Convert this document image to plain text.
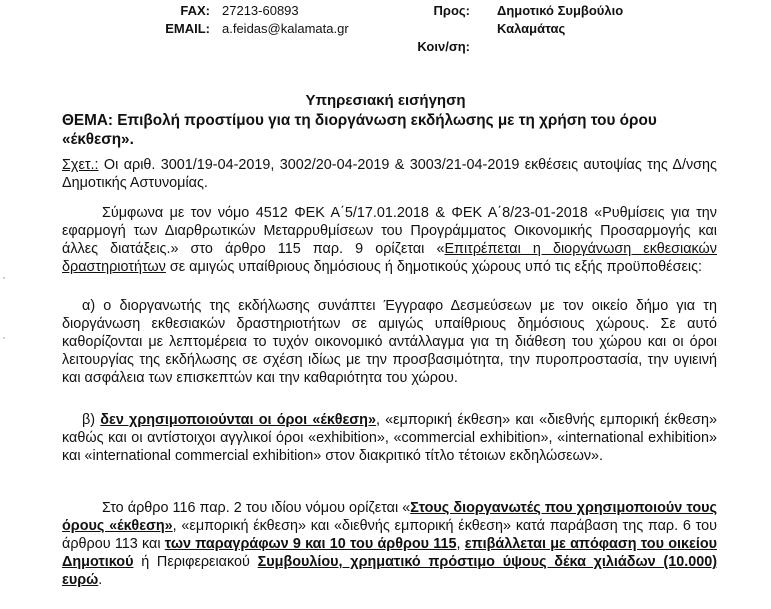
FAX: 27213-60893
EMAIL: a.feidas@kalamata.gr
Προς: Δημοτικό Συμβούλιο
Καλαμάτας
Κοιν/ση:
·
·
Υπηρεσιακή εισήγηση
ΘΕΜΑ: Επιβολή προστίμου για τη διοργάνωση εκδήλωσης με τη χρήση του όρου
«έκθεση».
Σχετ.: Οι αριθ. 3001/19-04-2019, 3002/20-04-2019 & 3003/21-04-2019 εκθέσεις αυτοψίας της Δ/νσης Δημοτικής Αστυνομίας.
Σύμφωνα με τον νόμο 4512 ΦΕΚ Α΄5/17.01.2018 & ΦΕΚ Α΄8/23-01-2018 «Ρυθμίσεις για την εφαρμογή των Διαρθρωτικών Μεταρρυθμίσεων του Προγράμματος Οικονομικής Προσαρμογής και άλλες διατάξεις.» στο άρθρο 115 παρ. 9 ορίζεται «Επιτρέπεται η διοργάνωση εκθεσιακών δραστηριοτήτων σε αμιγώς υπαίθριους δημόσιους ή δημοτικούς χώρους υπό τις εξής προϋποθέσεις:
α) ο διοργανωτής της εκδήλωσης συνάπτει Έγγραφο Δεσμεύσεων με τον οικείο δήμο για τη διοργάνωση εκθεσιακών δραστηριοτήτων σε αμιγώς υπαίθριους δημόσιους χώρους. Σε αυτό καθορίζονται με λεπτομέρεια το τυχόν οικονομικό αντάλλαγμα για τη διάθεση του χώρου και οι όροι λειτουργίας της εκδήλωσης σε σχέση ιδίως με την προσβασιμότητα, την πυροπροστασία, την υγιεινή και ασφάλεια των επισκεπτών και την καθαριότητα του χώρου.
β) δεν χρησιμοποιούνται οι όροι «έκθεση», «εμπορική έκθεση» και «διεθνής εμπορική έκθεση» καθώς και οι αντίστοιχοι αγγλικοί όροι «exhibition», «commercial exhibition», «international exhibition» και «international commercial exhibition» στον διακριτικό τίτλο τέτοιων εκδηλώσεων».
Στο άρθρο 116 παρ. 2 του ιδίου νόμου ορίζεται «Στους διοργανωτές που χρησιμοποιούν τους όρους «έκθεση», «εμπορική έκθεση» και «διεθνής εμπορική έκθεση» κατά παράβαση της παρ. 6 του άρθρου 113 και των παραγράφων 9 και 10 του άρθρου 115, επιβάλλεται με απόφαση του οικείου Δημοτικού ή Περιφερειακού Συμβουλίου, χρηματικό πρόστιμο ύψους δέκα χιλιάδων (10.000) ευρώ.
